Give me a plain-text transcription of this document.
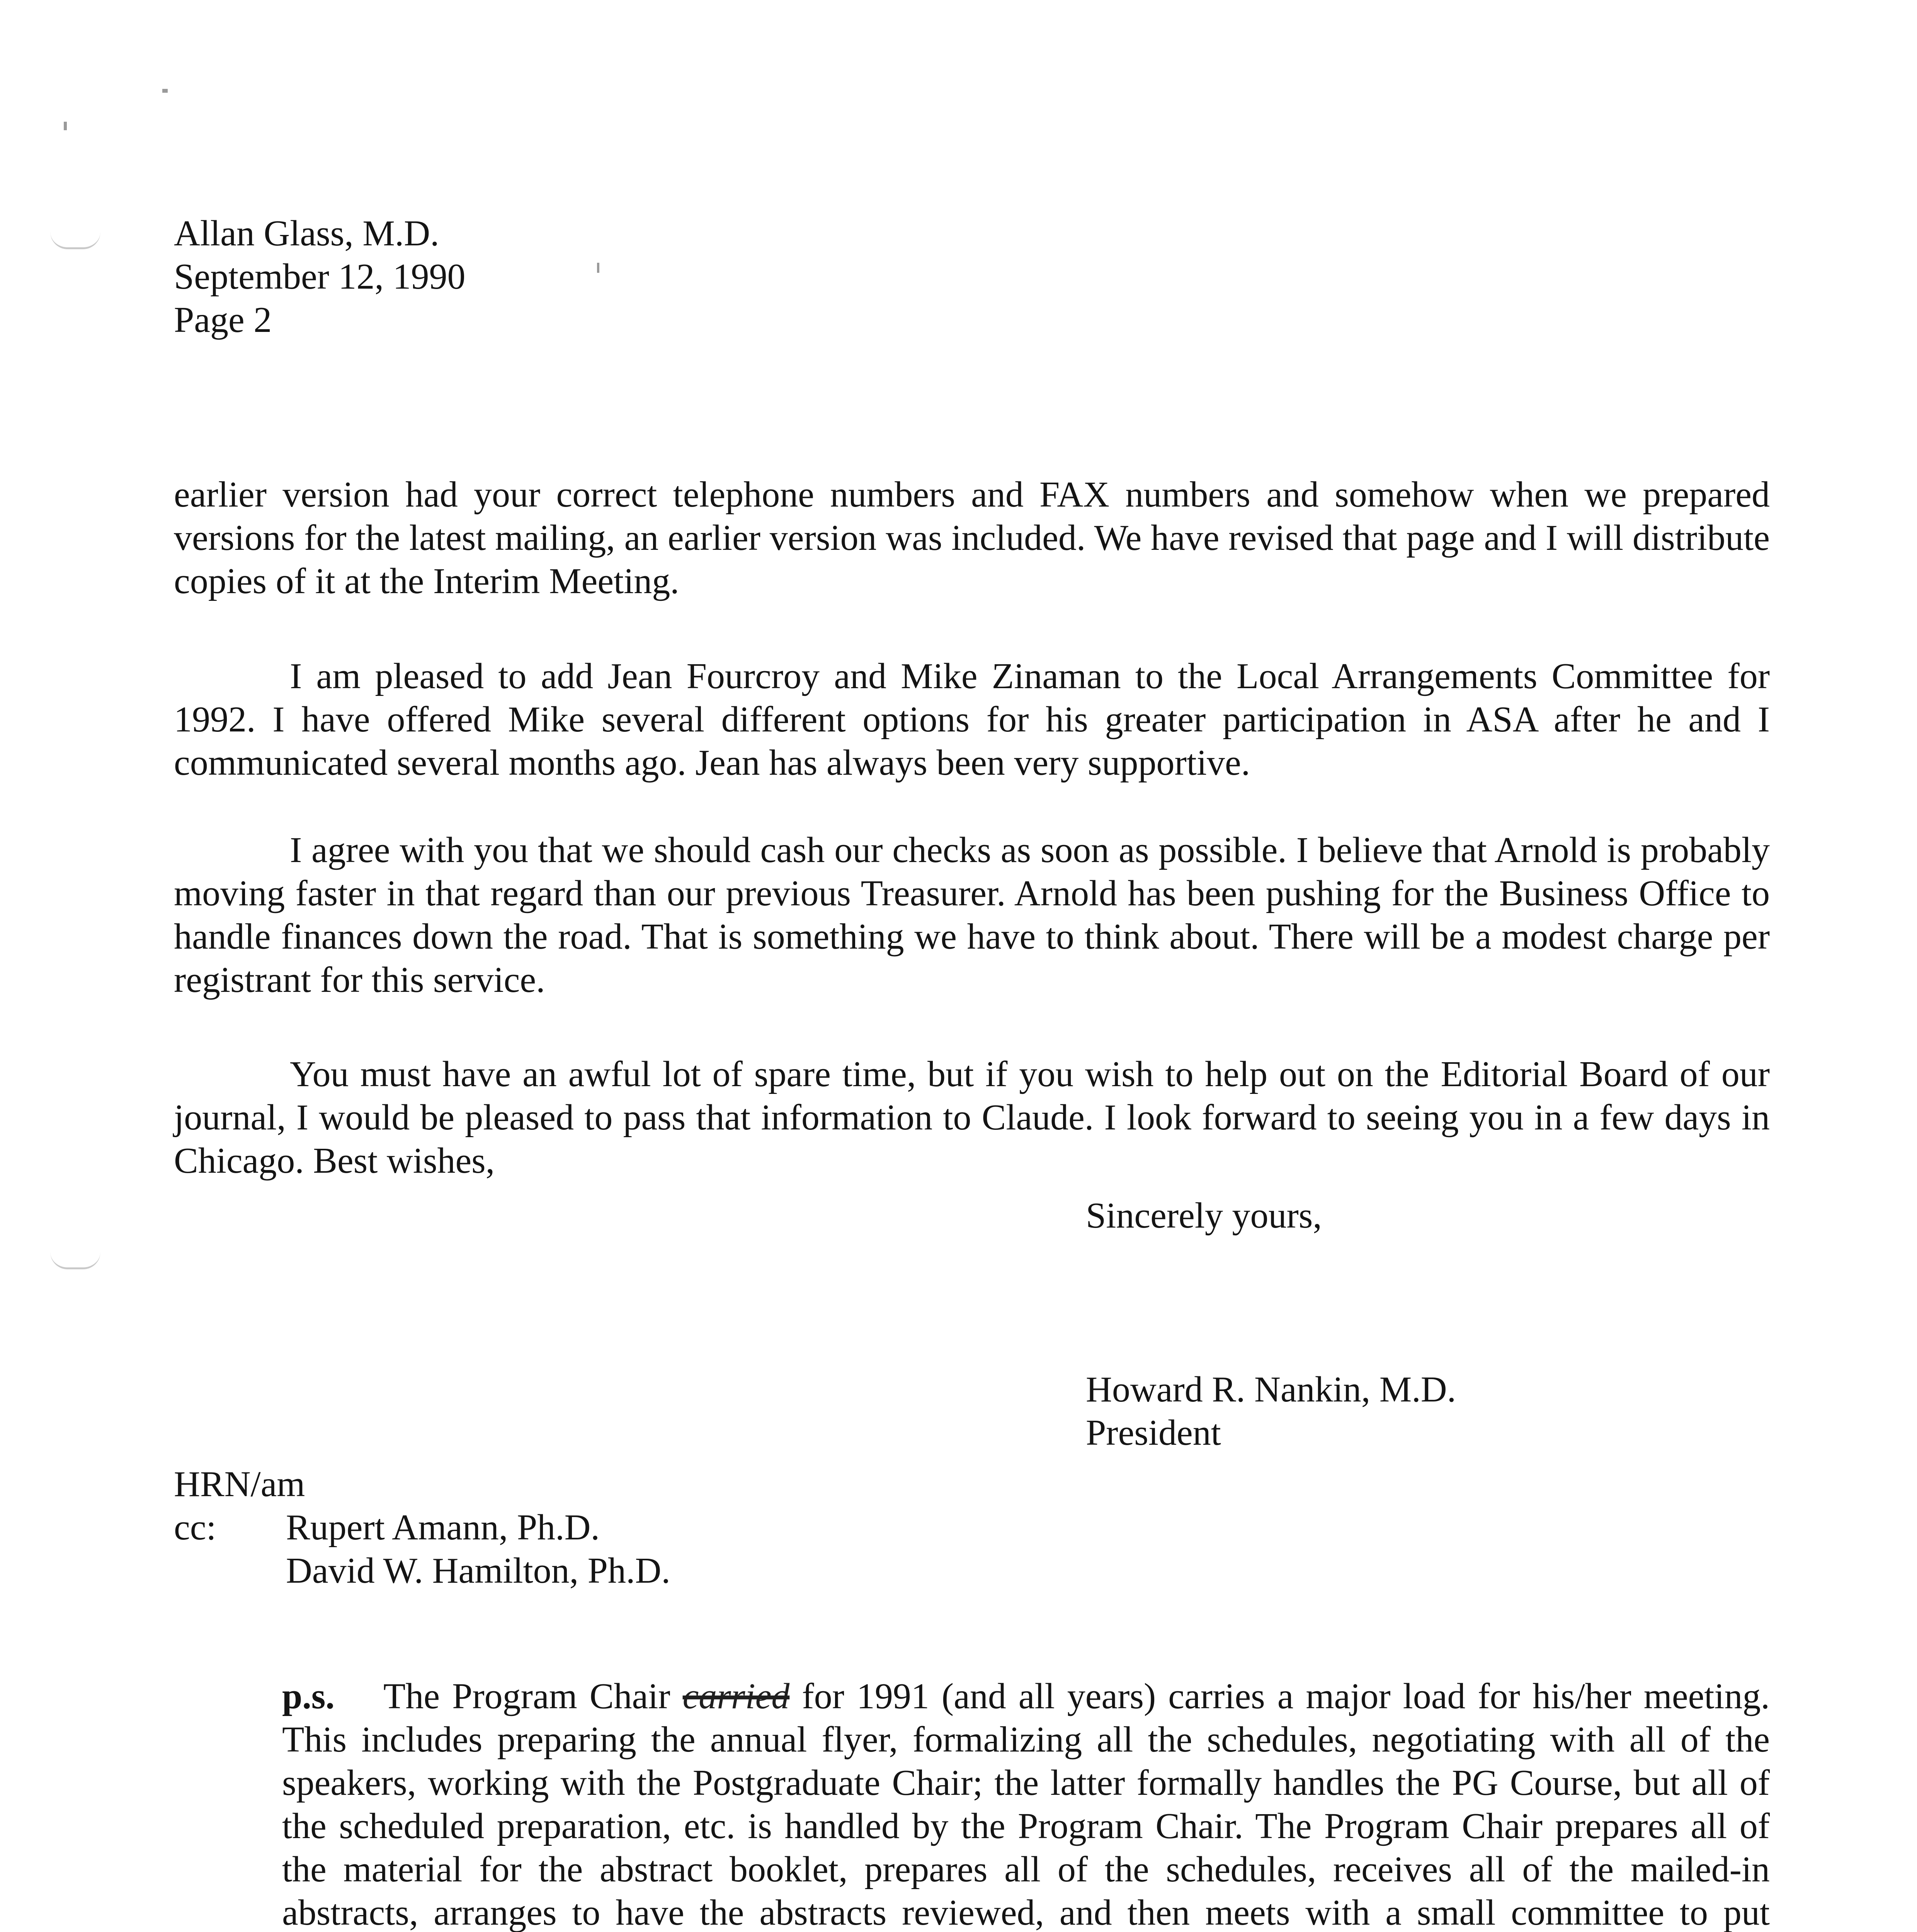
Allan Glass, M.D.
September 12, 1990
Page 2

earlier version had your correct telephone numbers and FAX numbers and somehow when we prepared versions for the latest mailing, an earlier version was included. We have revised that page and I will distribute copies of it at the Interim Meeting.

I am pleased to add Jean Fourcroy and Mike Zinaman to the Local Arrangements Committee for 1992. I have offered Mike several different options for his greater participation in ASA after he and I communicated several months ago. Jean has always been very supportive.

I agree with you that we should cash our checks as soon as possible. I believe that Arnold is probably moving faster in that regard than our previous Treasurer. Arnold has been pushing for the Business Office to handle finances down the road. That is something we have to think about. There will be a modest charge per registrant for this service.

You must have an awful lot of spare time, but if you wish to help out on the Editorial Board of our journal, I would be pleased to pass that information to Claude. I look forward to seeing you in a few days in Chicago. Best wishes,

Sincerely yours,
Howard R. Nankin, M.D.
President
HRN/am
cc: Rupert Amann, Ph.D.
David W. Hamilton, Ph.D.

p.s. The Program Chair carried for 1991 (and all years) carries a major load for his/her meeting. This includes preparing the annual flyer, formalizing all the schedules, negotiating with all of the speakers, working with the Postgraduate Chair; the latter formally handles the PG Course, but all of the scheduled preparation, etc. is handled by the Program Chair. The Program Chair prepares all of the material for the abstract booklet, prepares all of the schedules, receives all of the mailed-in abstracts, arranges to have the abstracts reviewed, and then meets with a small committee to put
